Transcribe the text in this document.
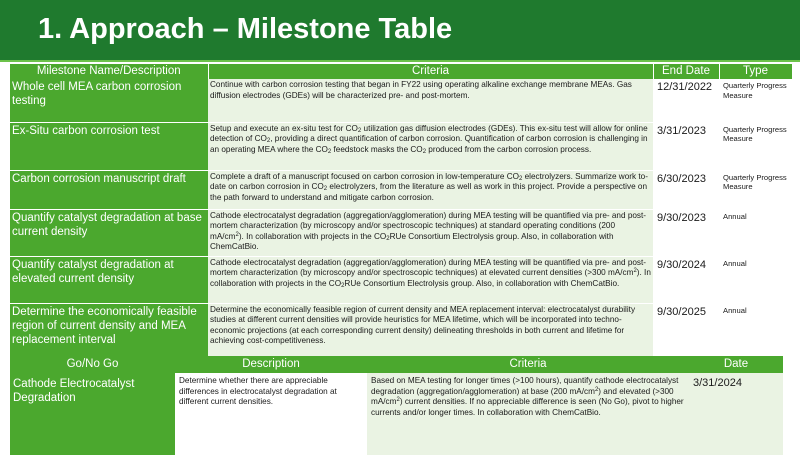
1. Approach – Milestone Table
Milestone Name/Description	Criteria	End Date	Type
Whole cell MEA carbon corrosion testing	Continue with carbon corrosion testing that began in FY22 using operating alkaline exchange membrane MEAs. Gas diffusion electrodes (GDEs) will be characterized pre- and post-mortem.	12/31/2022	Quarterly Progress Measure
Ex-Situ carbon corrosion test	Setup and execute an ex-situ test for $CO_2$ utilization gas diffusion electrodes (GDEs). This ex-situ test will allow for online detection of $CO_2$, providing a direct quantification of carbon corrosion. Quantification of carbon corrosion is challenging in an operating MEA where the $CO_2$ feedstock masks the $CO_2$ produced from the carbon corrosion process.	3/31/2023	Quarterly Progress Measure
Carbon corrosion manuscript draft	Complete a draft of a manuscript focused on carbon corrosion in low-temperature $CO_2$ electrolyzers. Summarize work to-date on carbon corrosion in $CO_2$ electrolyzers, from the literature as well as work in this project. Provide a perspective on the path forward to understand and mitigate carbon corrosion.	6/30/2023	Quarterly Progress Measure
Quantify catalyst degradation at base current density	Cathode electrocatalyst degradation (aggregation/agglomeration) during MEA testing will be quantified via pre- and post-mortem characterization (by microscopy and/or spectroscopic techniques) at standard operating conditions (200 $mA/cm^2$). In collaboration with projects in the $CO_2RUe$ Consortium Electrolysis group. Also, in collaboration with ChemCatBio.	9/30/2023	Annual
Quantify catalyst degradation at elevated current density	Cathode electrocatalyst degradation (aggregation/agglomeration) during MEA testing will be quantified via pre- and post-mortem characterization (by microscopy and/or spectroscopic techniques) at elevated current densities (>300 $mA/cm^2$). In collaboration with projects in the $CO_2RUe$ Consortium Electrolysis group. Also, in collaboration with ChemCatBio.	9/30/2024	Annual
Determine the economically feasible region of current density and MEA replacement interval	Determine the economically feasible region of current density and MEA replacement interval: electrocatalyst durability studies at different current densities will provide heuristics for MEA lifetime, which will be incorporated into techno-economic projections (at each corresponding current density) delineating thresholds in both current and lifetime for achieving cost-competitiveness.	9/30/2025	Annual
Go/No Go	Description	Criteria	Date
Cathode Electrocatalyst Degradation	Determine whether there are appreciable differences in electrocatalyst degradation at different current densities.	Based on MEA testing for longer times (>100 hours), quantify cathode electrocatalyst degradation (aggregation/agglomeration) at base (200 $mA/cm^2$) and elevated (>300 $mA/cm^2$) current densities. If no appreciable difference is seen (No Go), pivot to higher currents and/or longer times. In collaboration with ChemCatBio.	3/31/2024
